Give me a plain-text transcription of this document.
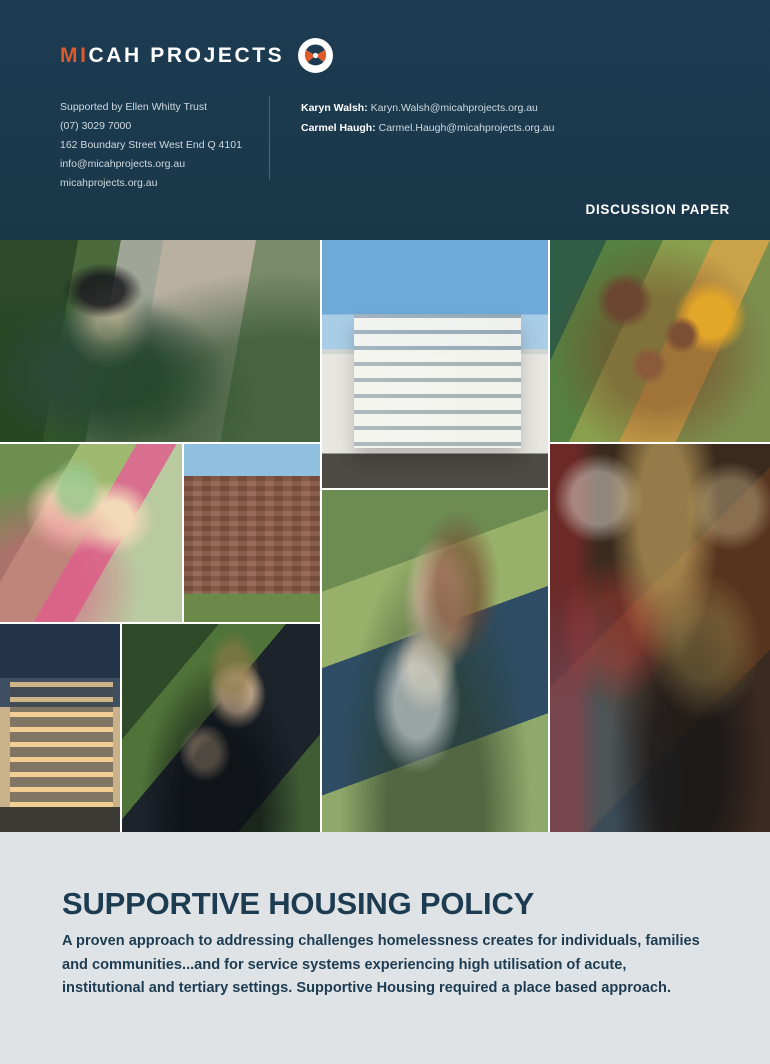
MICAH PROJECTS
Supported by Ellen Whitty Trust
(07) 3029 7000
162 Boundary Street West End Q 4101
info@micahprojects.org.au
micahprojects.org.au
Karyn Walsh: Karyn.Walsh@micahprojects.org.au
Carmel Haugh: Carmel.Haugh@micahprojects.org.au
DISCUSSION PAPER
SUPPORTIVE HOUSING POLICY
A proven approach to addressing challenges homelessness creates for individuals, families and communities...and for service systems experiencing high utilisation of acute, institutional and tertiary settings. Supportive Housing required a place based approach.
